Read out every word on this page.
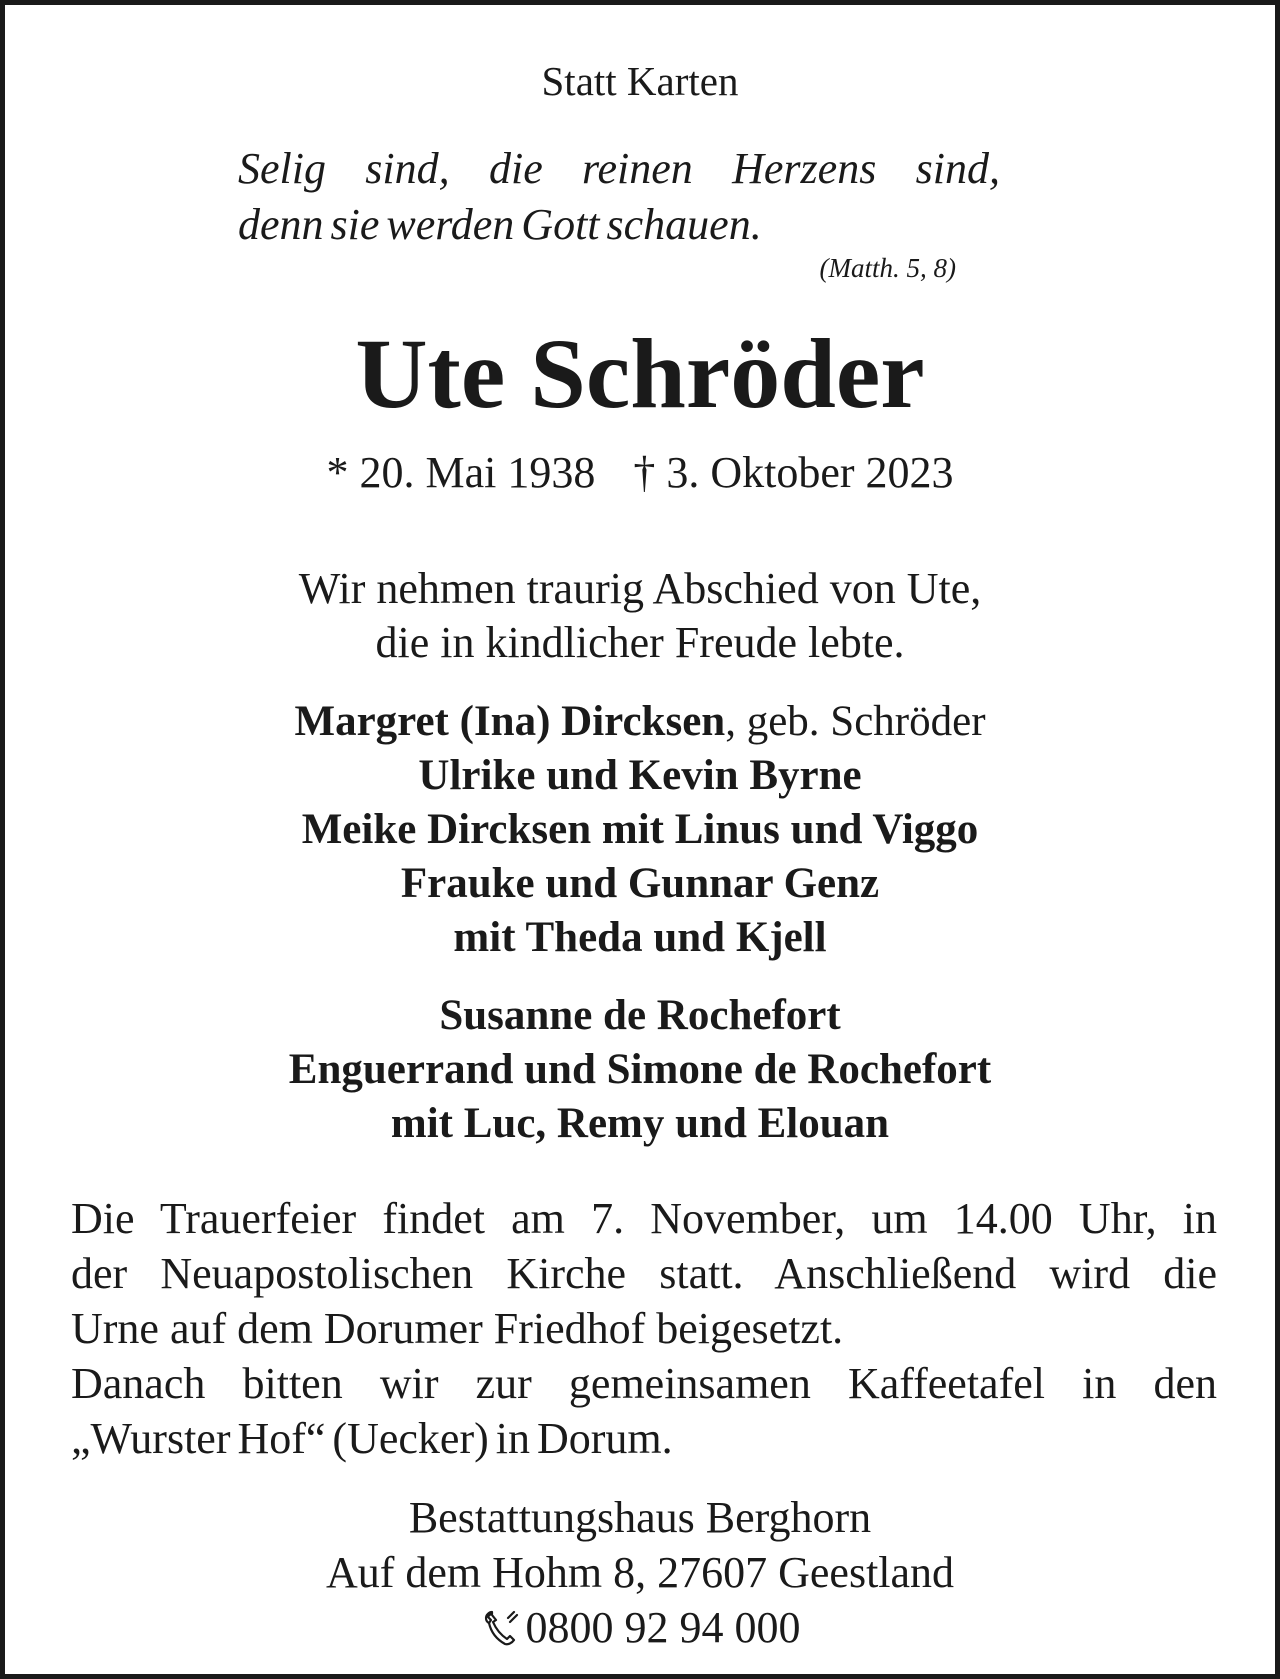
Statt Karten
Selig sind, die reinen Herzens sind,
denn sie werden Gott schauen.
(Matth. 5, 8)
Ute Schröder
* 20. Mai 1938 † 3. Oktober 2023
Wir nehmen traurig Abschied von Ute,
die in kindlicher Freude lebte.
Margret (Ina) Dircksen, geb. Schröder
Ulrike und Kevin Byrne
Meike Dircksen mit Linus und Viggo
Frauke und Gunnar Genz
mit Theda und Kjell
Susanne de Rochefort
Enguerrand und Simone de Rochefort
mit Luc, Remy und Elouan
Die Trauerfeier findet am 7. November, um 14.00 Uhr, in
der Neuapostolischen Kirche statt. Anschließend wird die
Urne auf dem Dorumer Friedhof beigesetzt.
Danach bitten wir zur gemeinsamen Kaffeetafel in den
„Wurster Hof“ (Uecker) in Dorum.
Bestattungshaus Berghorn
Auf dem Hohm 8, 27607 Geestland
0800 92 94 000
